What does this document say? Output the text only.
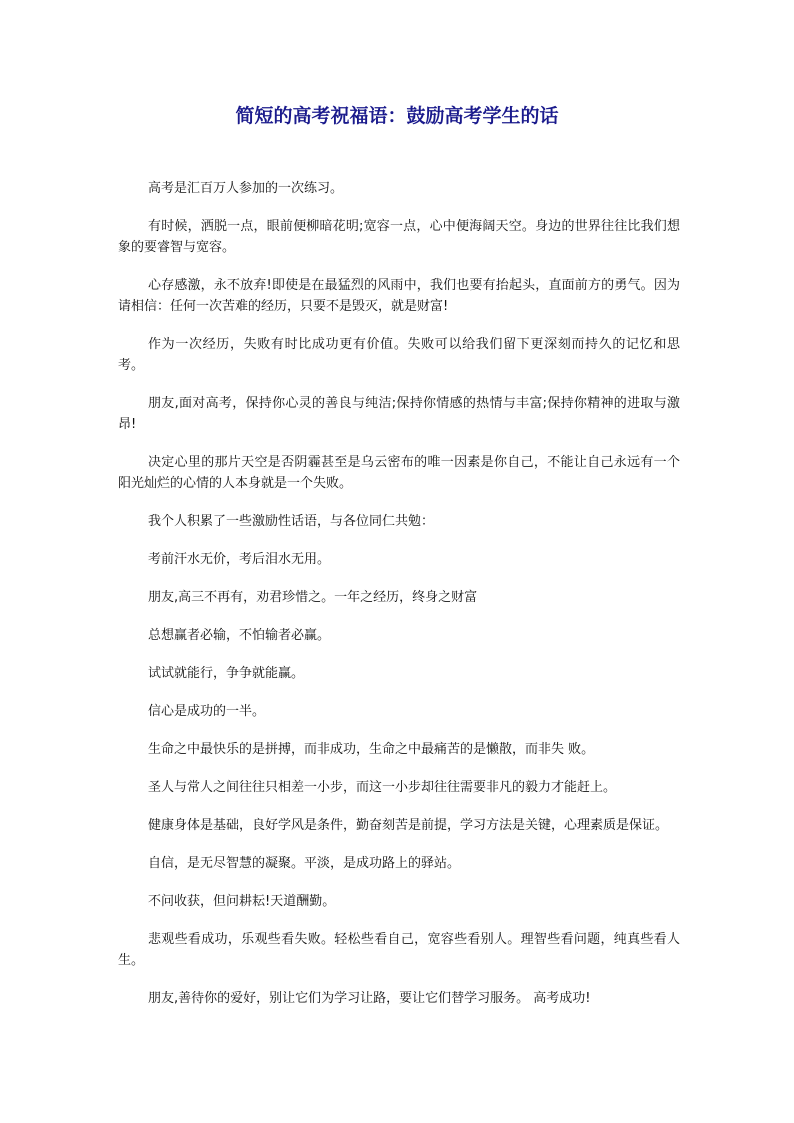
简短的高考祝福语：鼓励高考学生的话

高考是汇百万人参加的一次练习。

有时候，洒脱一点，眼前便柳暗花明;宽容一点，心中便海阔天空。身边的世界往往比我们想象的要睿智与宽容。

心存感激，永不放弃!即使是在最猛烈的风雨中，我们也要有抬起头，直面前方的勇气。因为请相信：任何一次苦难的经历，只要不是毁灭，就是财富!

作为一次经历，失败有时比成功更有价值。失败可以给我们留下更深刻而持久的记忆和思考。

朋友,面对高考，保持你心灵的善良与纯洁;保持你情感的热情与丰富;保持你精神的进取与激昂!

决定心里的那片天空是否阴霾甚至是乌云密布的唯一因素是你自己，不能让自己永远有一个阳光灿烂的心情的人本身就是一个失败。

我个人积累了一些激励性话语，与各位同仁共勉：

考前汗水无价，考后泪水无用。

朋友,高三不再有，劝君珍惜之。一年之经历，终身之财富

总想赢者必输，不怕输者必赢。

试试就能行，争争就能赢。

信心是成功的一半。

生命之中最快乐的是拼搏，而非成功，生命之中最痛苦的是懒散，而非失 败。

圣人与常人之间往往只相差一小步，而这一小步却往往需要非凡的毅力才能赶上。

健康身体是基础，良好学风是条件，勤奋刻苦是前提，学习方法是关键，心理素质是保证。

自信，是无尽智慧的凝聚。平淡，是成功路上的驿站。

不问收获，但问耕耘!天道酬勤。

悲观些看成功，乐观些看失败。轻松些看自己，宽容些看别人。理智些看问题，纯真些看人生。

朋友,善待你的爱好，别让它们为学习让路，要让它们替学习服务。 高考成功!
